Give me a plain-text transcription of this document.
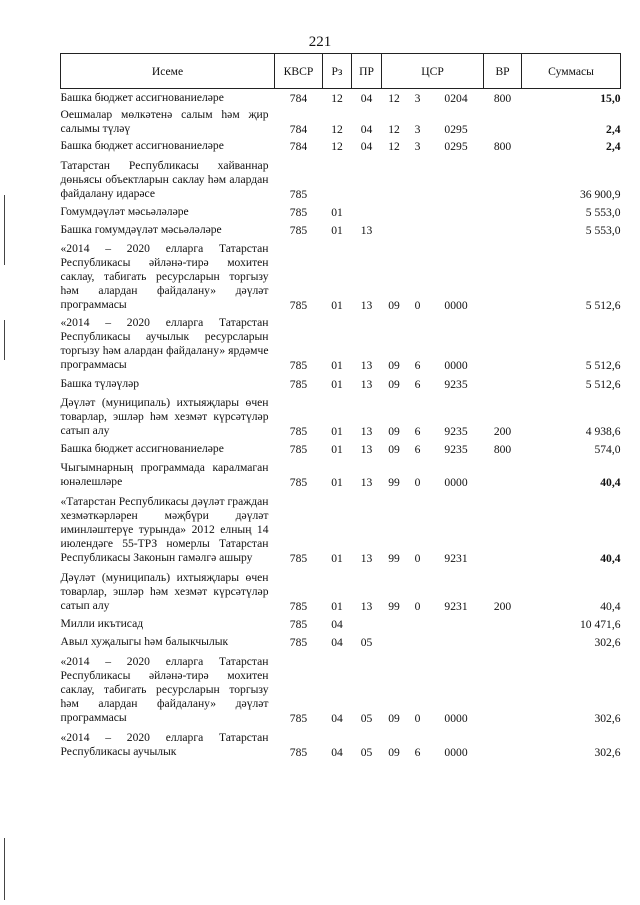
221
Исеме	КВСР	Рз	ПР	ЦСР			ВР	Суммасы
Башка бюджет ассигнованиеләре	784	12	04	12	3	0204	800	15,0
Оешмалар мөлкәтенә салым һәм җир салымы түләү	784	12	04	12	3	0295		2,4
Башка бюджет ассигнованиеләре	784	12	04	12	3	0295	800	2,4
Татарстан Республикасы хайваннар дөньясы объектларын саклау һәм алардан файдалану идарәсе	785							36 900,9
Гомумдәүләт мәсьәләләре	785	01						5 553,0
Башка гомумдәүләт мәсьәләләре	785	01	13					5 553,0
«2014 – 2020 елларга Татарстан Республикасы әйләнә-тирә мохитен саклау, табигать ресурсларын торгызу һәм алардан файдалану» дәүләт программасы	785	01	13	09	0	0000		5 512,6
«2014 – 2020 елларга Татарстан Республикасы аучылык ресурсларын торгызу һәм алардан файдалану» ярдәмче программасы	785	01	13	09	6	0000		5 512,6
Башка түләүләр	785	01	13	09	6	9235		5 512,6
Дәүләт (муниципаль) ихтыяҗлары өчен товарлар, эшләр һәм хезмәт күрсәтүләр сатып алу	785	01	13	09	6	9235	200	4 938,6
Башка бюджет ассигнованиеләре	785	01	13	09	6	9235	800	574,0
Чыгымнарның программада каралмаган юнәлешләре	785	01	13	99	0	0000		40,4
«Татарстан Республикасы дәүләт граждан хезмәткәрләрен мәҗбүри дәүләт иминләштерүе турында» 2012 елның 14 июлендәге 55-ТРЗ номерлы Татарстан Республикасы Законын гамәлгә ашыру	785	01	13	99	0	9231		40,4
Дәүләт (муниципаль) ихтыяҗлары өчен товарлар, эшләр һәм хезмәт күрсәтүләр сатып алу	785	01	13	99	0	9231	200	40,4
Милли икътисад	785	04						10 471,6
Авыл хуҗалыгы һәм балыкчылык	785	04	05					302,6
«2014 – 2020 елларга Татарстан Республикасы әйләнә-тирә мохитен саклау, табигать ресурсларын торгызу һәм алардан файдалану» дәүләт программасы	785	04	05	09	0	0000		302,6
«2014 – 2020 елларга Татарстан Республикасы аучылык	785	04	05	09	6	0000		302,6
